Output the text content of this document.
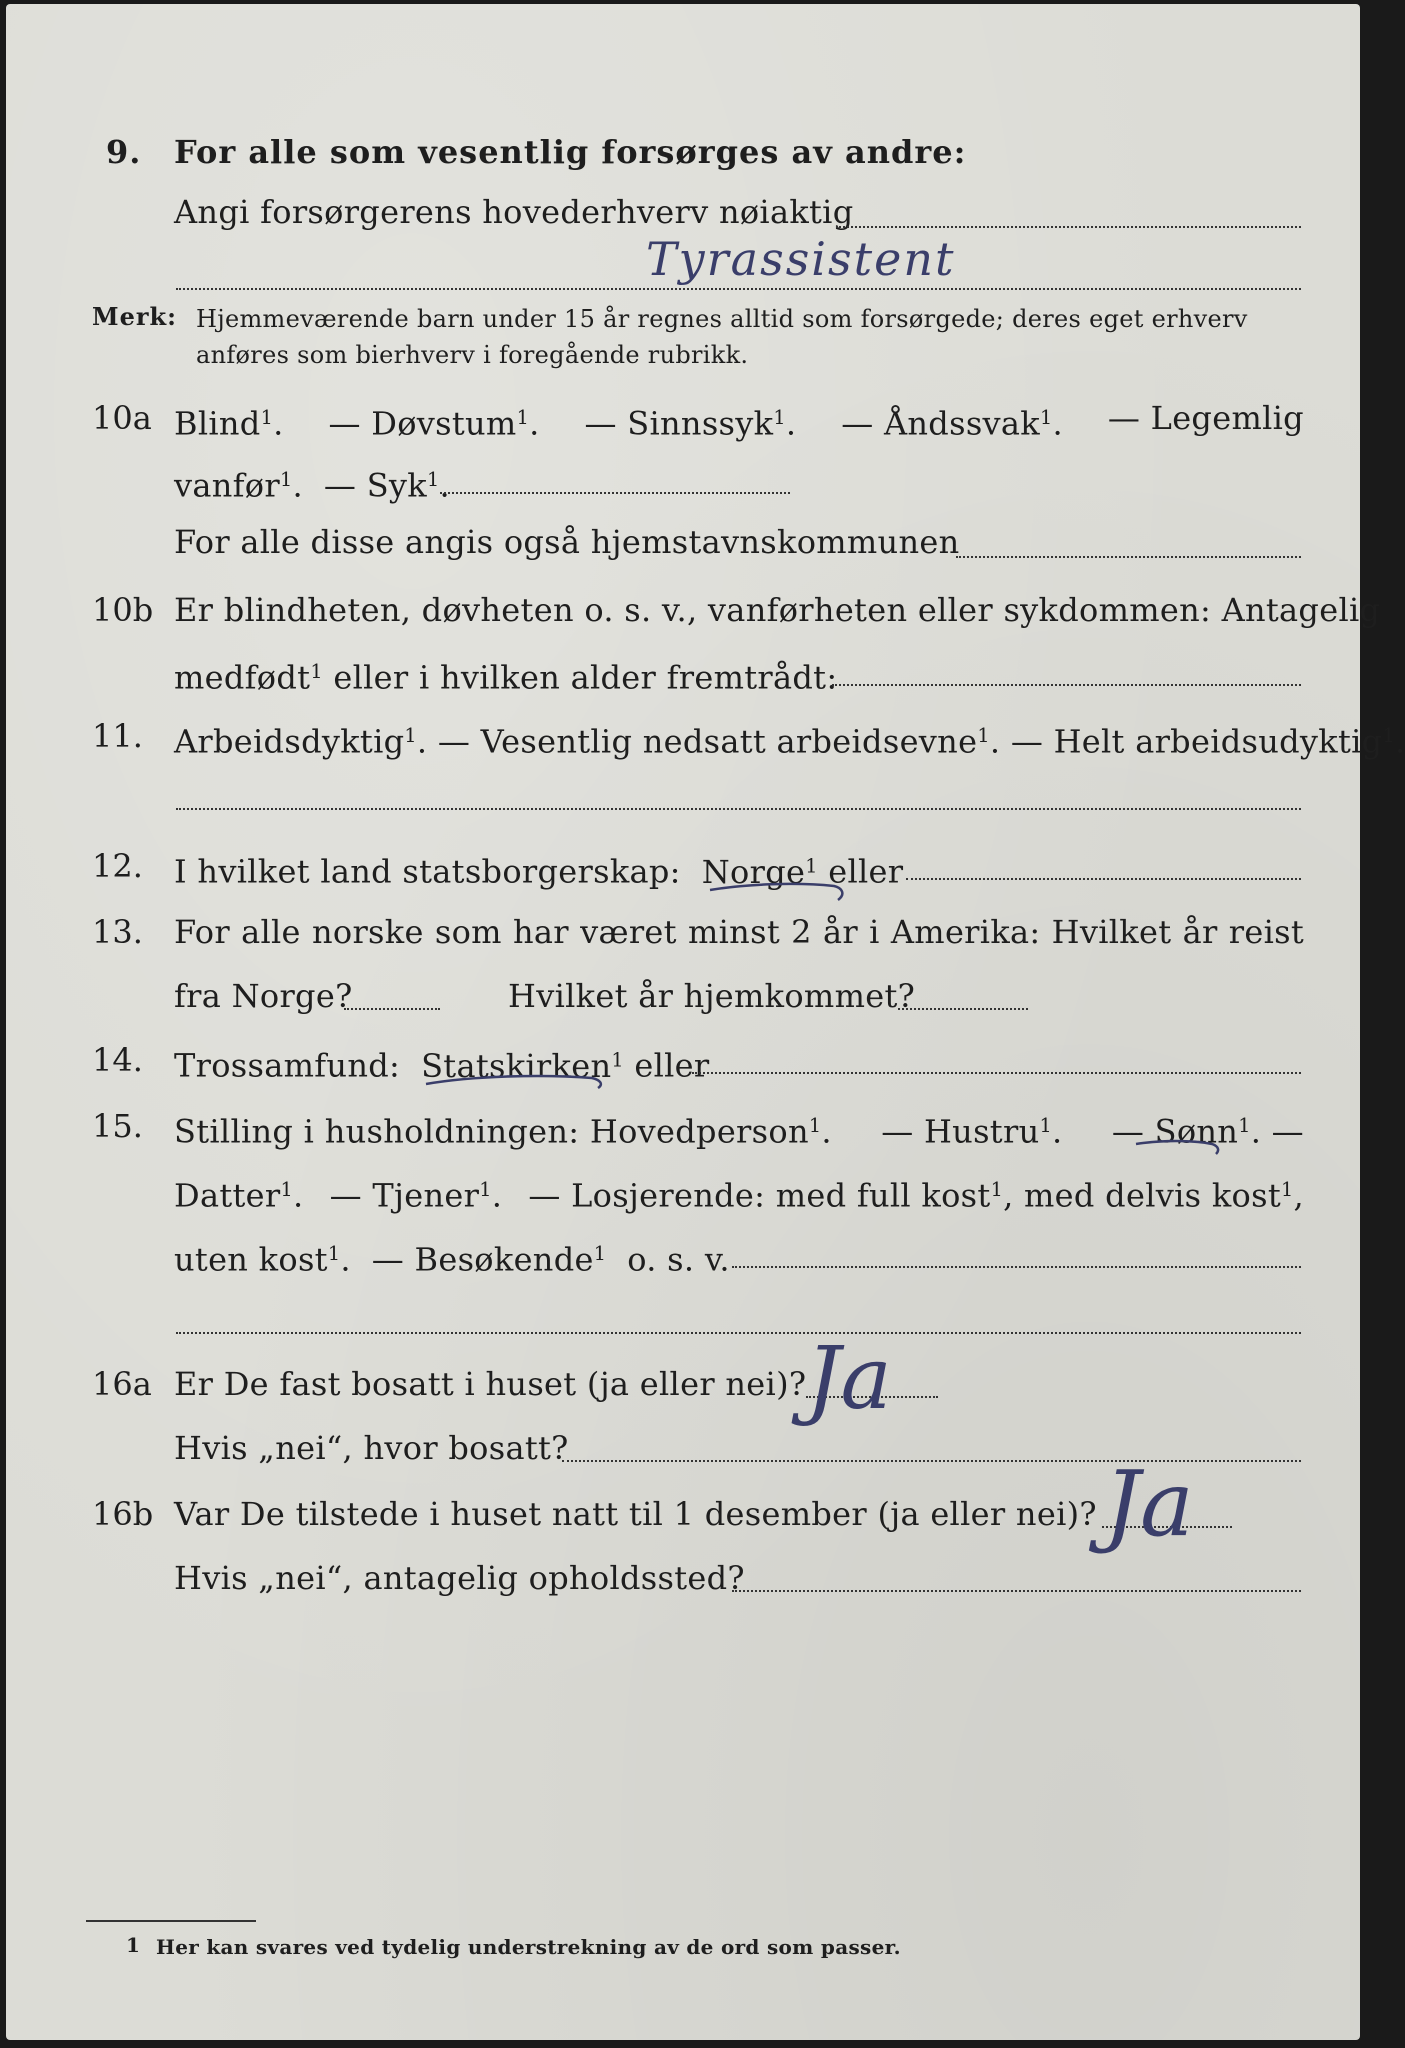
9. For alle som vesentlig forsørges av andre:
Angi forsørgerens hovederhverv nøiaktig
Tyrassistent
Merk: Hjemmeværende barn under 15 år regnes alltid som forsørgede; deres eget erhverv
anføres som bierhverv i foregående rubrikk.
10a Blind$^1$. — Døvstum$^1$. — Sinnssyk$^1$. — Åndssvak$^1$. — Legemlig
vanfør$^1$.  — Syk$^1$.
For alle disse angis også hjemstavnskommunen
10b Er blindheten, døvheten o. s. v., vanførheten eller sykdommen: Antagelig
medfødt$^1$ eller i hvilken alder fremtrådt:
11. Arbeidsdyktig$^1$. — Vesentlig nedsatt arbeidsevne$^1$. — Helt arbeidsudyktig$^1$.
12. I hvilket land statsborgerskap: Norge$^1$ eller
13. For alle norske som har været minst 2 år i Amerika: Hvilket år reist
fra Norge?	Hvilket år hjemkommet?
14. Trossamfund: Statskirken$^1$ eller
15. Stilling i husholdningen: Hovedperson$^1$. — Hustru$^1$. — Sønn$^1$. —
Datter$^1$. — Tjener$^1$. — Losjerende: med full kost$^1$, med delvis kost$^1$,
uten kost$^1$.  — Besøkende$^1$ o. s. v.
16a Er De fast bosatt i huset (ja eller nei)? Ja
Hvis „nei“, hvor bosatt?
16b Var De tilstede i huset natt til 1 desember (ja eller nei)? Ja
Hvis „nei“, antagelig opholdssted?
1 Her kan svares ved tydelig understrekning av de ord som passer.
